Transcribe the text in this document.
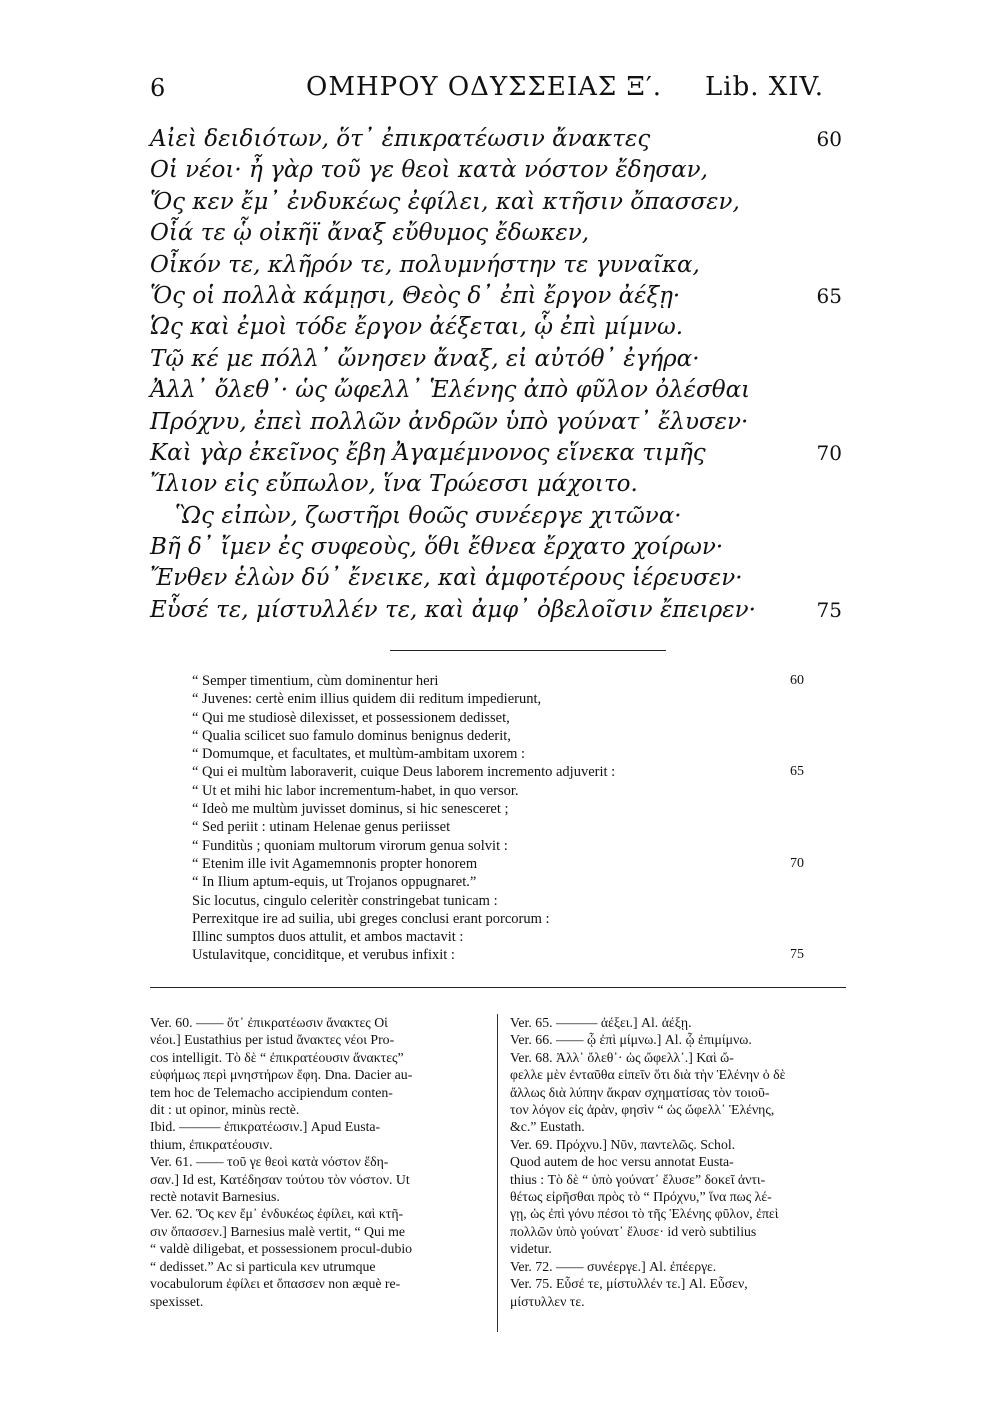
6	ΟΜΗΡΟΥ ΟΔΥΣΣΕΙΑΣ Ξ′. Lib. XIV.
Αἰεὶ δειδιότων, ὅτ᾽ ἐπικρατέωσιν ἄνακτες	60
Οἱ νέοι· ἦ γὰρ τοῦ γε θεοὶ κατὰ νόστον ἔδησαν,
Ὅς κεν ἔμ᾽ ἐνδυκέως ἐφίλει, καὶ κτῆσιν ὄπασσεν,
Οἷά τε ᾧ οἰκῆϊ ἄναξ εὔθυμος ἔδωκεν,
Οἶκόν τε, κλῆρόν τε, πολυμνήστην τε γυναῖκα,
Ὅς οἱ πολλὰ κάμῃσι, Θεὸς δ᾽ ἐπὶ ἔργον ἀέξῃ·	65
Ὡς καὶ ἐμοὶ τόδε ἔργον ἀέξεται, ᾧ ἐπὶ μίμνω.
Τῷ κέ με πόλλ᾽ ὤνησεν ἄναξ, εἰ αὐτόθ᾽ ἐγήρα·
Ἀλλ᾽ ὄλεθ᾽· ὡς ὤφελλ᾽ Ἑλένης ἀπὸ φῦλον ὀλέσθαι
Πρόχνυ, ἐπεὶ πολλῶν ἀνδρῶν ὑπὸ γούνατ᾽ ἔλυσεν·
Καὶ γὰρ ἐκεῖνος ἔβη Ἀγαμέμνονος εἵνεκα τιμῆς	70
Ἴλιον εἰς εὔπωλον, ἵνα Τρώεσσι μάχοιτο.
Ὣς εἰπὼν, ζωστῆρι θοῶς συνέεργε χιτῶνα·
Βῆ δ᾽ ἴμεν ἐς συφεοὺς, ὅθι ἔθνεα ἔρχατο χοίρων·
Ἔνθεν ἑλὼν δύ᾽ ἔνεικε, καὶ ἀμφοτέρους ἱέρευσεν·
Εὗσέ τε, μίστυλλέν τε, καὶ ἀμφ᾽ ὀβελοῖσιν ἔπειρεν·	75
“ Semper timentium, cùm dominentur heri	60
“ Juvenes: certè enim illius quidem dii reditum impedierunt,
“ Qui me studiosè dilexisset, et possessionem dedisset,
“ Qualia scilicet suo famulo dominus benignus dederit,
“ Domumque, et facultates, et multùm-ambitam uxorem :
“ Qui ei multùm laboraverit, cuique Deus laborem incremento adjuverit :	65
“ Ut et mihi hic labor incrementum-habet, in quo versor.
“ Ideò me multùm juvisset dominus, si hic senesceret ;
“ Sed periit : utinam Helenae genus periisset
“ Funditùs ; quoniam multorum virorum genua solvit :
“ Etenim ille ivit Agamemnonis propter honorem	70
“ In Ilium aptum-equis, ut Trojanos oppugnaret.”
Sic locutus, cingulo celeritèr constringebat tunicam :
Perrexitque ire ad suilia, ubi greges conclusi erant porcorum :
Illinc sumptos duos attulit, et ambos mactavit :
Ustulavitque, conciditque, et verubus infixit :	75
Ver. 60. —— ὅτ᾽ ἐπικρατέωσιν ἄνακτες Οἱ
νέοι.] Eustathius per istud ἄνακτες νέοι Pro-
cos intelligit. Τὸ δὲ “ ἐπικρατέουσιν ἄνακτες”
εὐφήμως περὶ μνηστήρων ἔφη. Dna. Dacier au-
tem hoc de Telemacho accipiendum conten-
dit : ut opinor, minùs rectè.
Ibid. ——— ἐπικρατέωσιν.] Apud Eusta-
thium, ἐπικρατέουσιν.
Ver. 61. —— τοῦ γε θεοὶ κατὰ νόστον ἔδη-
σαν.] Id est, Κατέδησαν τούτου τὸν νόστον. Ut
rectè notavit Barnesius.
Ver. 62. Ὅς κεν ἔμ᾽ ἐνδυκέως ἐφίλει, καὶ κτῆ-
σιν ὄπασσεν.] Barnesius malè vertit, “ Qui me
“ valdè diligebat, et possessionem procul-dubio
“ dedisset.” Ac si particula κεν utrumque
vocabulorum ἐφίλει et ὄπασσεν non æquè re-
spexisset.
Ver. 65. ——— ἀέξει.] Al. ἀέξῃ.
Ver. 66. —— ᾧ ἐπὶ μίμνω.] Al. ᾧ ἐπιμίμνω.
Ver. 68. Ἀλλ᾽ ὄλεθ᾽· ὡς ὤφελλ᾽.] Καὶ ὤ-
φελλε μὲν ἐνταῦθα εἰπεῖν ὅτι διὰ τὴν Ἑλένην ὁ δὲ
ἄλλως διὰ λύπην ἄκραν σχηματίσας τὸν τοιοῦ-
τον λόγον εἰς ἀρὰν, φησὶν “ ὡς ὤφελλ᾽ Ἑλένης,
&c.” Eustath.
Ver. 69. Πρόχνυ.] Νῦν, παντελῶς. Schol.
Quod autem de hoc versu annotat Eusta-
thius : Τὸ δὲ “ ὑπὸ γούνατ᾽ ἔλυσε” δοκεῖ ἀντι-
θέτως εἰρῆσθαι πρὸς τὸ “ Πρόχνυ,” ἵνα πως λέ-
γῃ, ὡς ἐπὶ γόνυ πέσοι τὸ τῆς Ἑλένης φῦλον, ἐπεὶ
πολλῶν ὑπὸ γούνατ᾽ ἔλυσε· id verò subtilius
videtur.
Ver. 72. —— συνέεργε.] Al. ἐπέεργε.
Ver. 75. Εὗσέ τε, μίστυλλέν τε.] Al. Εὗσεν,
μίστυλλεν τε.
